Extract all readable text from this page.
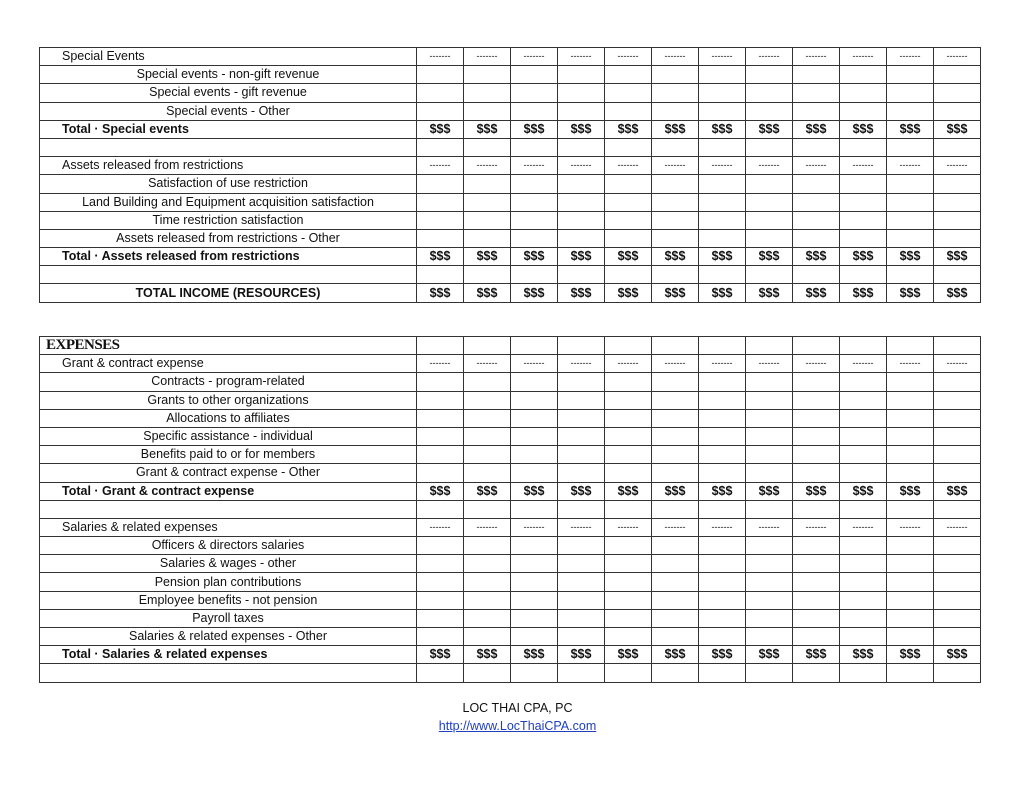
Special Events	-------	-------	-------	-------	-------	-------	-------	-------	-------	-------	-------	-------
Special events - non-gift revenue												
Special events - gift revenue												
Special events - Other												
Total · Special events	$$$	$$$	$$$	$$$	$$$	$$$	$$$	$$$	$$$	$$$	$$$	$$$

Assets released from restrictions	-------	-------	-------	-------	-------	-------	-------	-------	-------	-------	-------	-------
Satisfaction of use restriction												
Land Building and Equipment acquisition satisfaction												
Time restriction satisfaction												
Assets released from restrictions - Other												
Total · Assets released from restrictions	$$$	$$$	$$$	$$$	$$$	$$$	$$$	$$$	$$$	$$$	$$$	$$$

TOTAL INCOME (RESOURCES)	$$$	$$$	$$$	$$$	$$$	$$$	$$$	$$$	$$$	$$$	$$$	$$$
EXPENSES												
Grant & contract expense	-------	-------	-------	-------	-------	-------	-------	-------	-------	-------	-------	-------
Contracts - program-related												
Grants to other organizations												
Allocations to affiliates												
Specific assistance - individual												
Benefits paid to or for members												
Grant & contract expense - Other												
Total · Grant & contract expense	$$$	$$$	$$$	$$$	$$$	$$$	$$$	$$$	$$$	$$$	$$$	$$$

Salaries & related expenses	-------	-------	-------	-------	-------	-------	-------	-------	-------	-------	-------	-------
Officers & directors salaries												
Salaries & wages - other												
Pension plan contributions												
Employee benefits - not pension												
Payroll taxes												
Salaries & related expenses - Other												
Total · Salaries & related expenses	$$$	$$$	$$$	$$$	$$$	$$$	$$$	$$$	$$$	$$$	$$$	$$$

LOC THAI CPA, PC
http://www.LocThaiCPA.com
